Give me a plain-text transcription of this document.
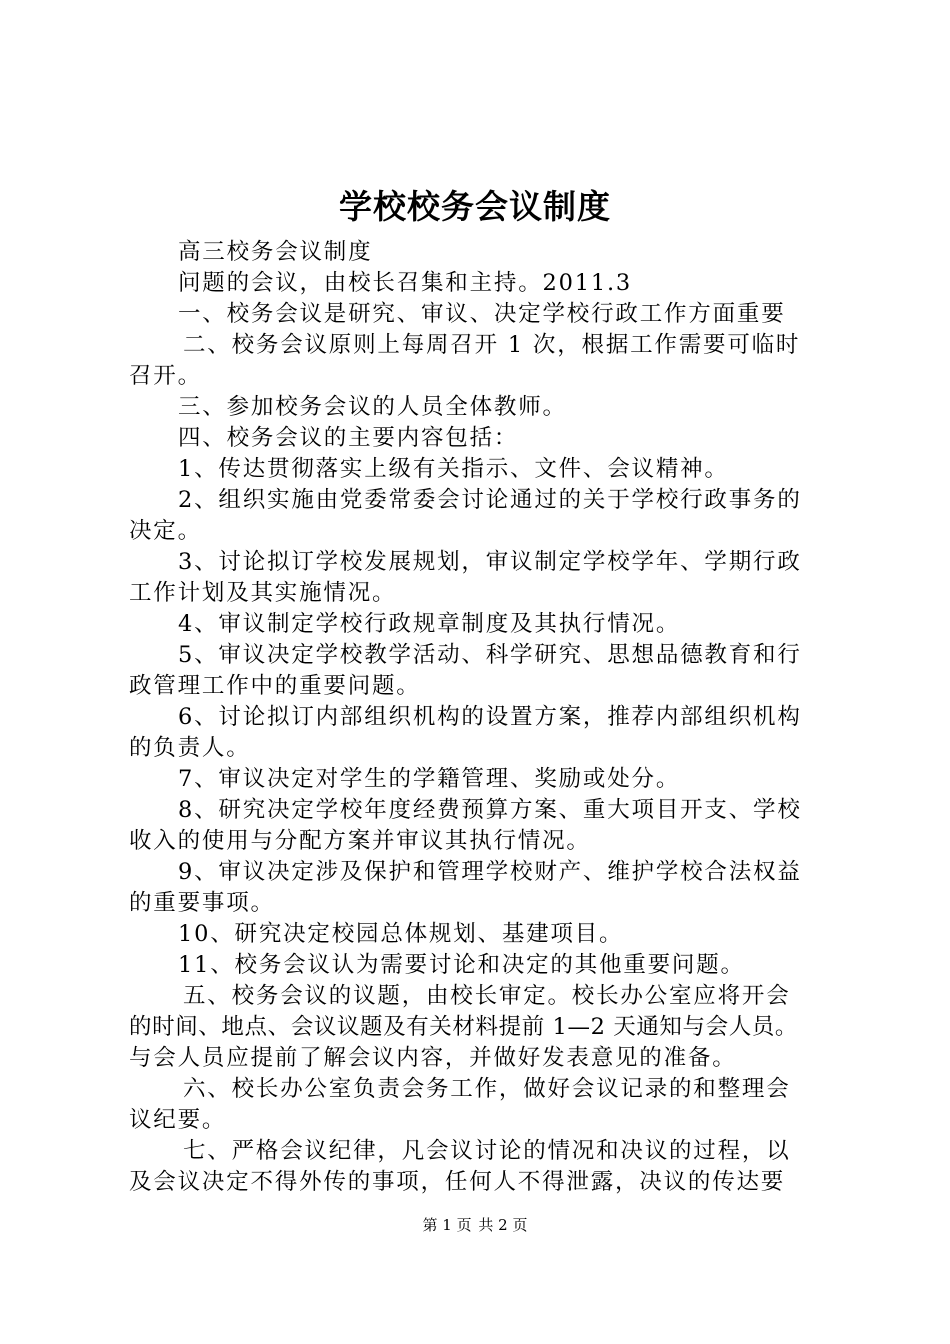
学校校务会议制度

高三校务会议制度

问题的会议，由校长召集和主持。2011.3

一、校务会议是研究、审议、决定学校行政工作方面重要

二、校务会议原则上每周召开 1 次，根据工作需要可临时

召开。

三、参加校务会议的人员全体教师。

四、校务会议的主要内容包括：

1、传达贯彻落实上级有关指示、文件、会议精神。

2、组织实施由党委常委会讨论通过的关于学校行政事务的

决定。

3、讨论拟订学校发展规划，审议制定学校学年、学期行政

工作计划及其实施情况。

4、审议制定学校行政规章制度及其执行情况。

5、审议决定学校教学活动、科学研究、思想品德教育和行

政管理工作中的重要问题。

6、讨论拟订内部组织机构的设置方案，推荐内部组织机构

的负责人。

7、审议决定对学生的学籍管理、奖励或处分。

8、研究决定学校年度经费预算方案、重大项目开支、学校

收入的使用与分配方案并审议其执行情况。

9、审议决定涉及保护和管理学校财产、维护学校合法权益

的重要事项。

10、研究决定校园总体规划、基建项目。

11、校务会议认为需要讨论和决定的其他重要问题。

五、校务会议的议题，由校长审定。校长办公室应将开会

的时间、地点、会议议题及有关材料提前 1—2 天通知与会人员。

与会人员应提前了解会议内容，并做好发表意见的准备。

六、校长办公室负责会务工作，做好会议记录的和整理会

议纪要。

七、严格会议纪律，凡会议讨论的情况和决议的过程，以

及会议决定不得外传的事项，任何人不得泄露，决议的传达要

第 1 页 共 2 页
